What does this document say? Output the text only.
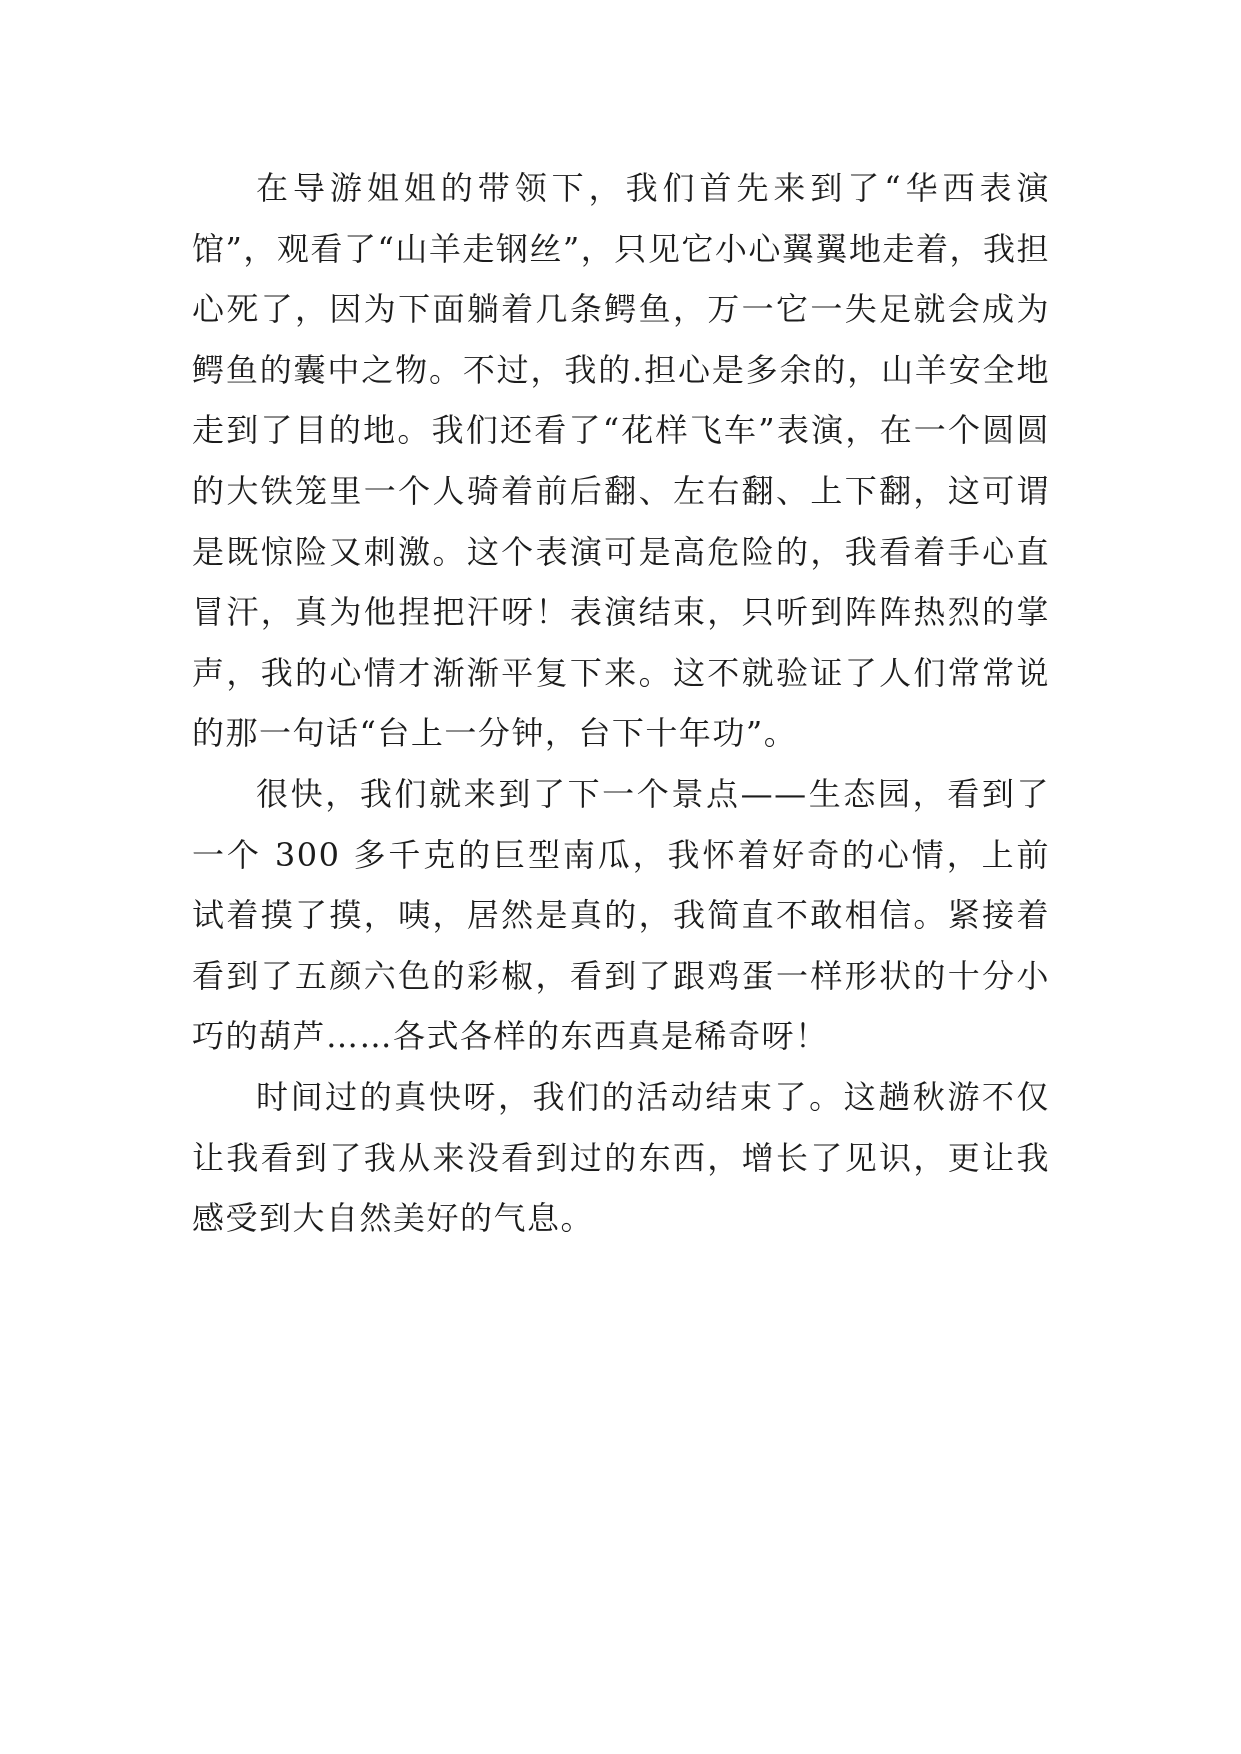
在导游姐姐的带领下，我们首先来到了“华西表演馆”，观看了“山羊走钢丝”，只见它小心翼翼地走着，我担心死了，因为下面躺着几条鳄鱼，万一它一失足就会成为鳄鱼的囊中之物。不过，我的.担心是多余的，山羊安全地走到了目的地。我们还看了“花样飞车”表演，在一个圆圆的大铁笼里一个人骑着前后翻、左右翻、上下翻，这可谓是既惊险又刺激。这个表演可是高危险的，我看着手心直冒汗，真为他捏把汗呀！表演结束，只听到阵阵热烈的掌声，我的心情才渐渐平复下来。这不就验证了人们常常说的那一句话“台上一分钟，台下十年功”。

很快，我们就来到了下一个景点——生态园，看到了一个 300 多千克的巨型南瓜，我怀着好奇的心情，上前试着摸了摸，咦，居然是真的，我简直不敢相信。紧接着看到了五颜六色的彩椒，看到了跟鸡蛋一样形状的十分小巧的葫芦……各式各样的东西真是稀奇呀！

时间过的真快呀，我们的活动结束了。这趟秋游不仅让我看到了我从来没看到过的东西，增长了见识，更让我感受到大自然美好的气息。
